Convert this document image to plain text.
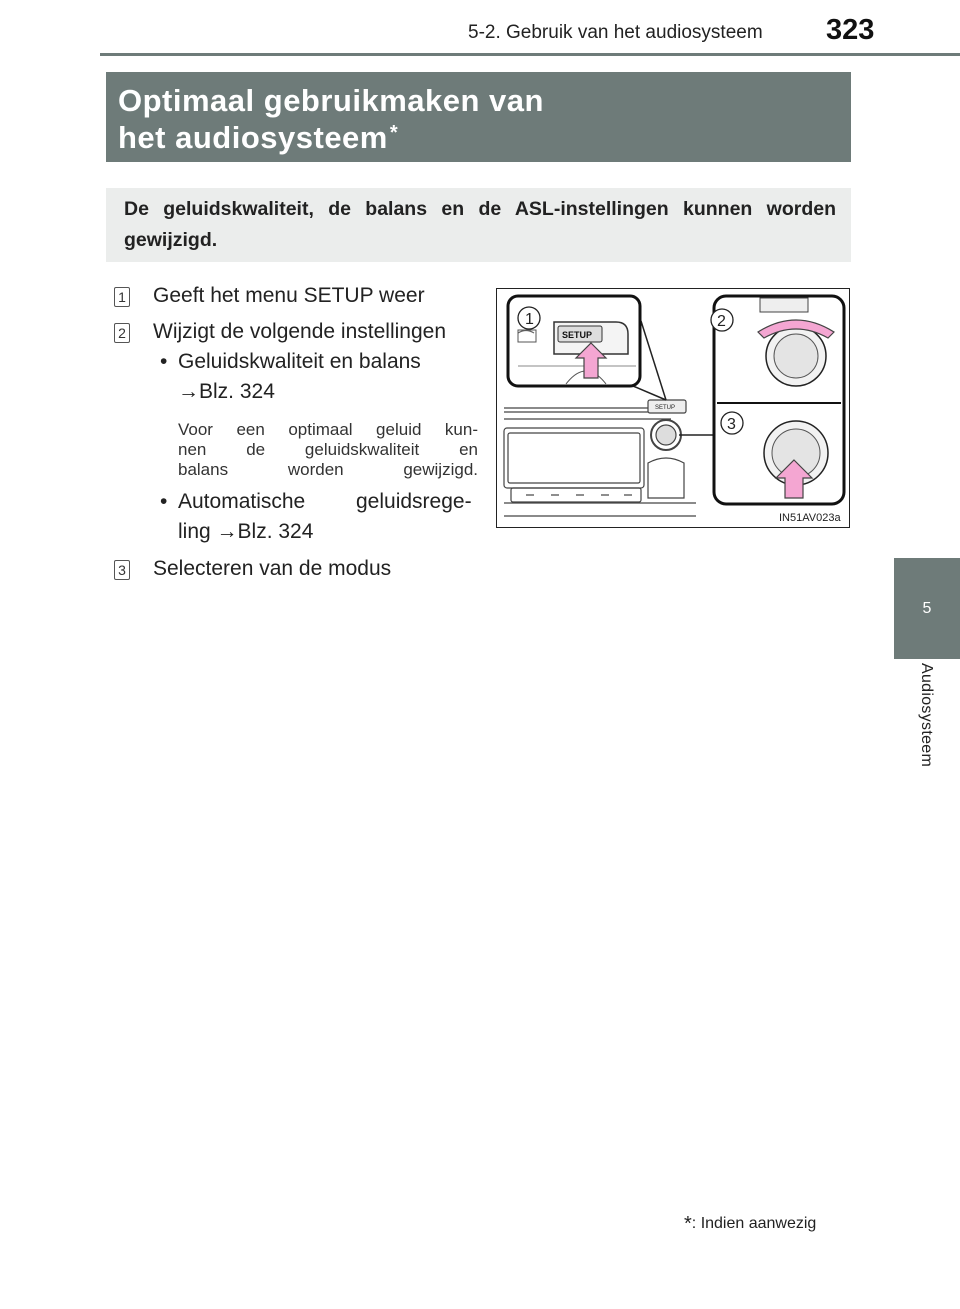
5-2. Gebruik van het audiosysteem 323
5
Audiosysteem
Optimaal gebruikmaken van
het audiosysteem *

De geluidskwaliteit, de balans en de ASL-instellingen kunnen worden gewijzigd.

1 Geeft het menu SETUP weer
2 Wijzigt de volgende instellingen
• Geluidskwaliteit en balans
→Blz. 324

Voor een optimaal geluid kun-
nen de geluidskwaliteit en
balans worden gewijzigd.

• Automatische geluidsrege-
ling →Blz. 324
3 Selecteren van de modus
SETUP
SETUP
1	2
3
IN51AV023a
*: Indien aanwezig
